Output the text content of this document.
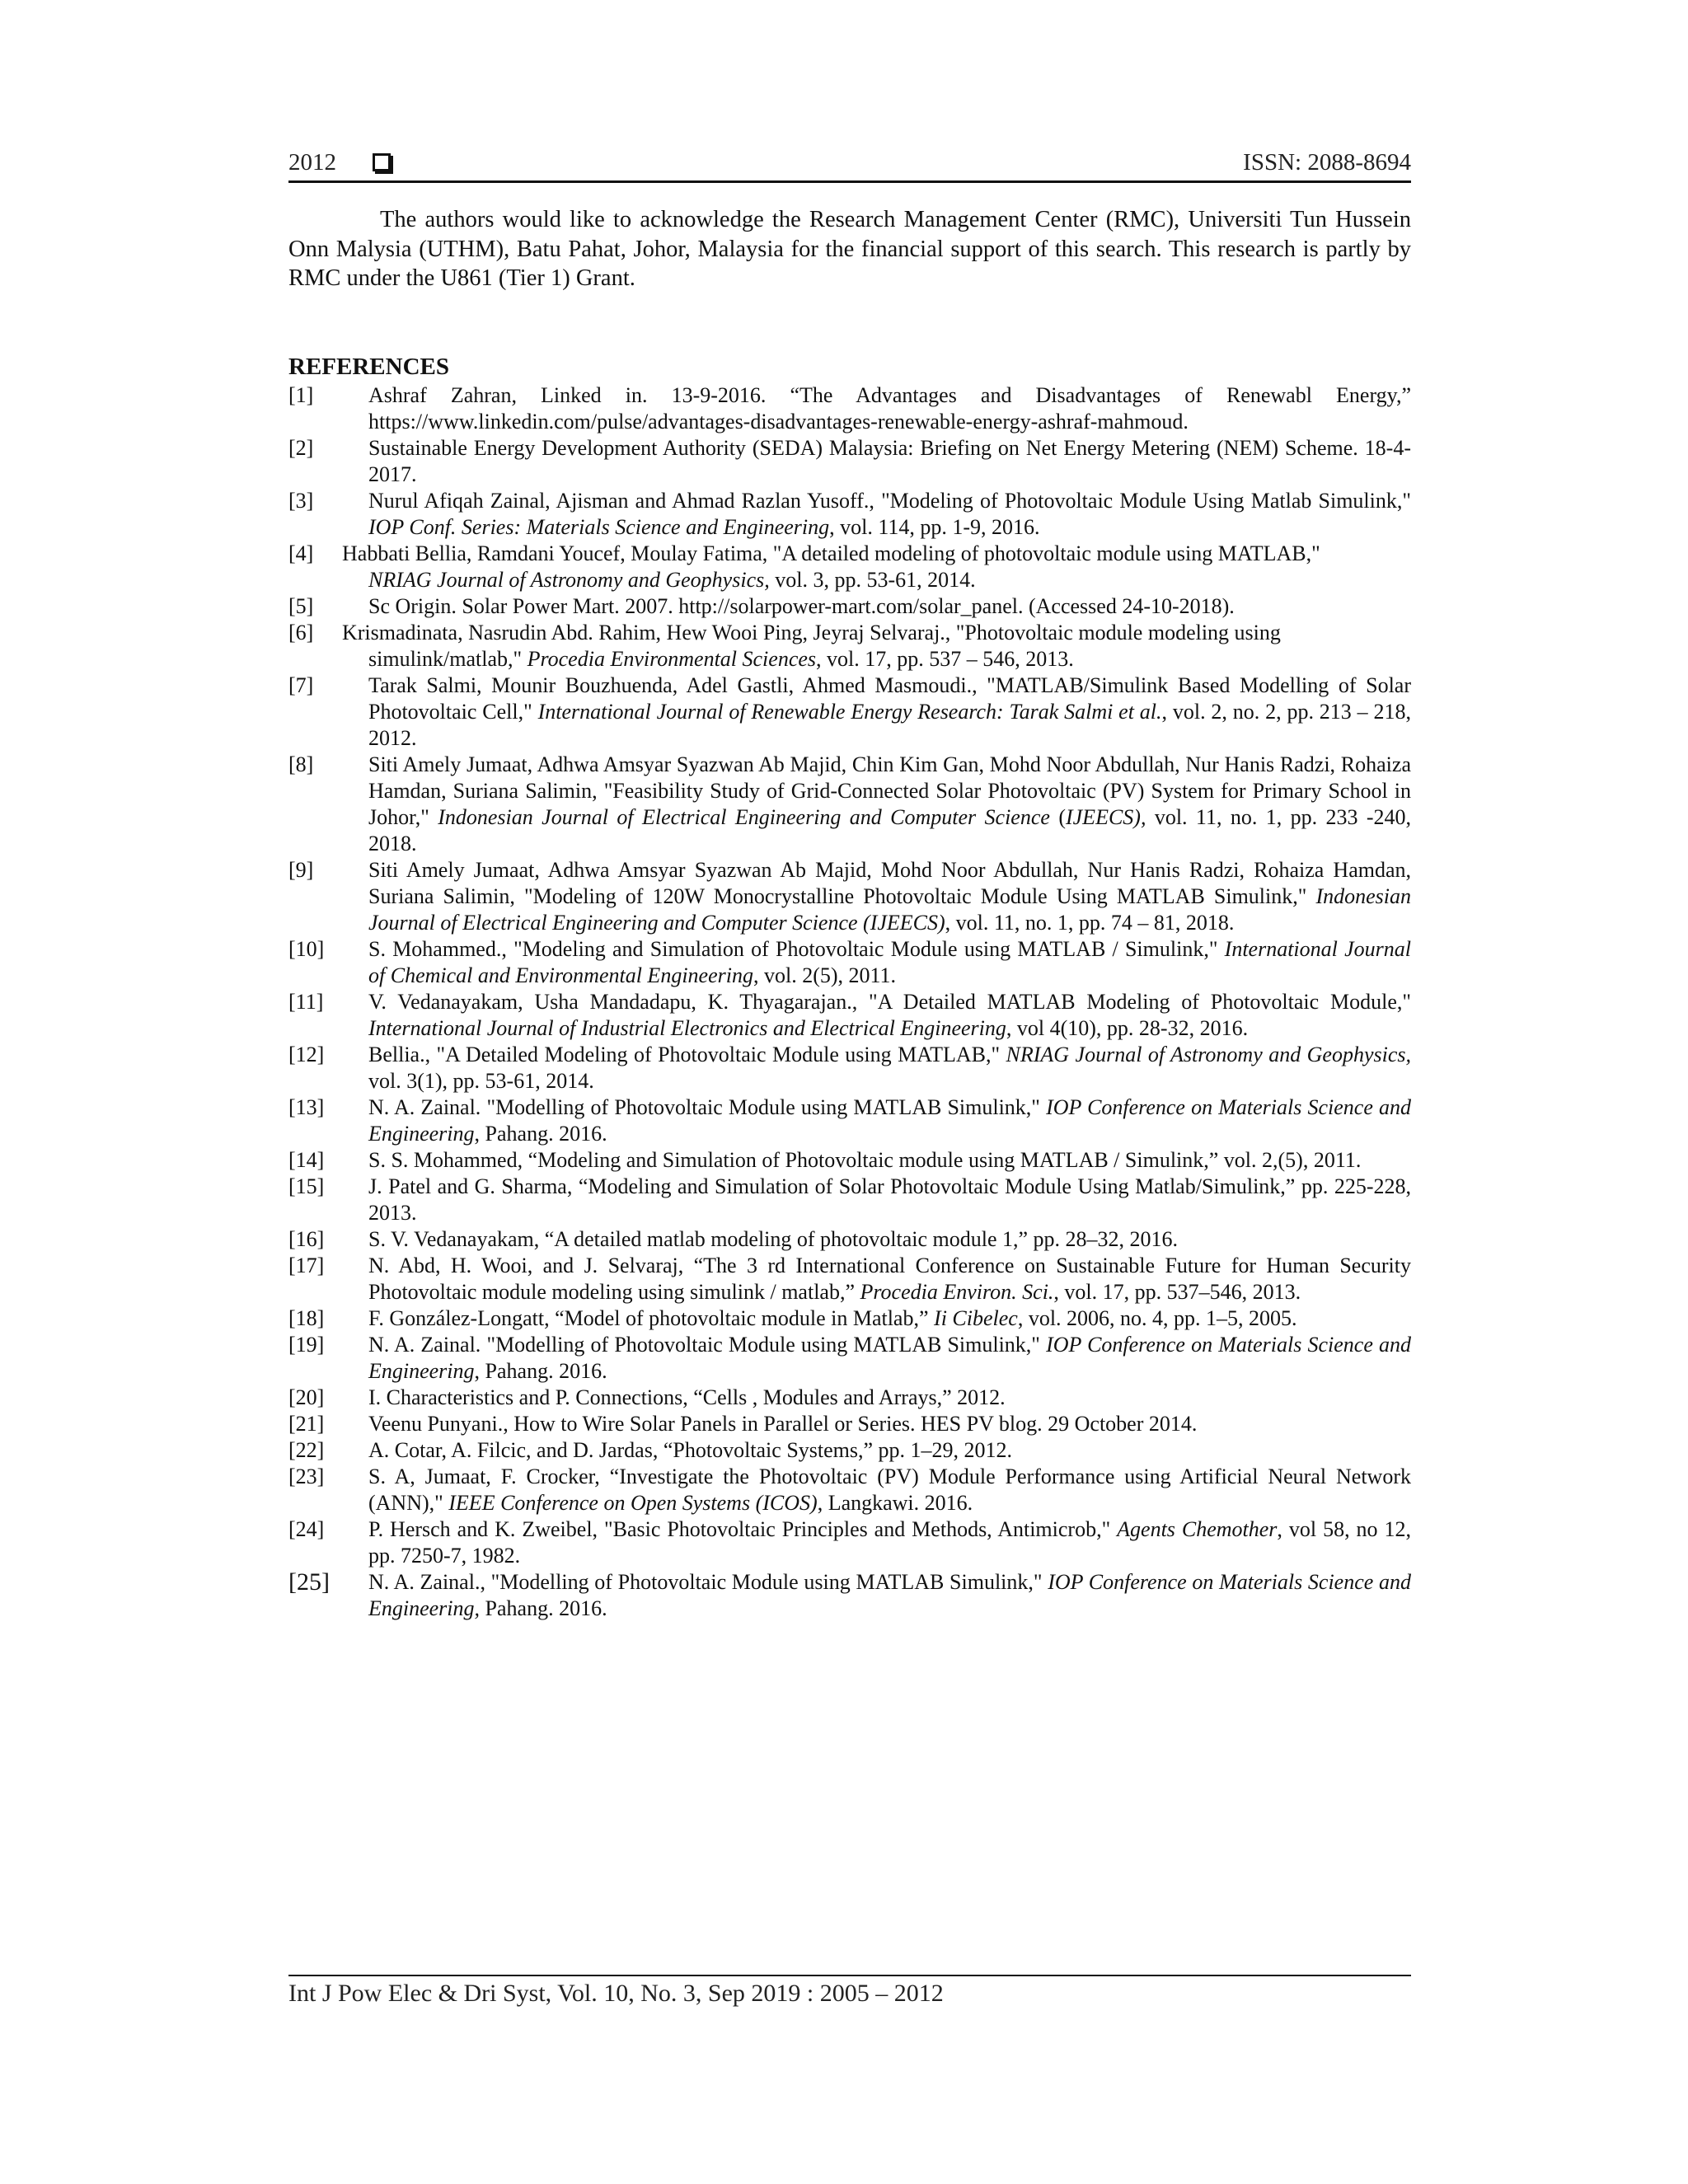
2012	ISSN: 2088-8694

The authors would like to acknowledge the Research Management Center (RMC), Universiti Tun Hussein Onn Malysia (UTHM), Batu Pahat, Johor, Malaysia for the financial support of this search. This research is partly by RMC under the U861 (Tier 1) Grant.

REFERENCES
[1]	Ashraf Zahran, Linked in. 13-9-2016. “The Advantages and Disadvantages of Renewabl Energy,” https://www.linkedin.com/pulse/advantages-disadvantages-renewable-energy-ashraf-mahmoud.
[2]	Sustainable Energy Development Authority (SEDA) Malaysia: Briefing on Net Energy Metering (NEM) Scheme. 18-4-2017.
[3]	Nurul Afiqah Zainal, Ajisman and Ahmad Razlan Yusoff., "Modeling of Photovoltaic Module Using Matlab Simulink," IOP Conf. Series: Materials Science and Engineering, vol. 114, pp. 1-9, 2016.
[4] Habbati Bellia, Ramdani Youcef, Moulay Fatima, "A detailed modeling of photovoltaic module using MATLAB,"
NRIAG Journal of Astronomy and Geophysics, vol. 3, pp. 53-61, 2014.
[5]	Sc Origin. Solar Power Mart. 2007. http://solarpower-mart.com/solar_panel. (Accessed 24-10-2018).
[6] Krismadinata, Nasrudin Abd. Rahim, Hew Wooi Ping, Jeyraj Selvaraj., "Photovoltaic module modeling using
simulink/matlab," Procedia Environmental Sciences, vol. 17, pp. 537 – 546, 2013.
[7]	Tarak Salmi, Mounir Bouzhuenda, Adel Gastli, Ahmed Masmoudi., "MATLAB/Simulink Based Modelling of Solar Photovoltaic Cell," International Journal of Renewable Energy Research: Tarak Salmi et al., vol. 2, no. 2, pp. 213 – 218, 2012.
[8]	Siti Amely Jumaat, Adhwa Amsyar Syazwan Ab Majid, Chin Kim Gan, Mohd Noor Abdullah, Nur Hanis Radzi, Rohaiza Hamdan, Suriana Salimin, "Feasibility Study of Grid-Connected Solar Photovoltaic (PV) System for Primary School in Johor," Indonesian Journal of Electrical Engineering and Computer Science (IJEECS), vol. 11, no. 1, pp. 233 -240, 2018.
[9]	Siti Amely Jumaat, Adhwa Amsyar Syazwan Ab Majid, Mohd Noor Abdullah, Nur Hanis Radzi, Rohaiza Hamdan, Suriana Salimin, "Modeling of 120W Monocrystalline Photovoltaic Module Using MATLAB Simulink," Indonesian Journal of Electrical Engineering and Computer Science (IJEECS), vol. 11, no. 1, pp. 74 – 81, 2018.
[10] S. Mohammed., "Modeling and Simulation of Photovoltaic Module using MATLAB / Simulink," International Journal of Chemical and Environmental Engineering, vol. 2(5), 2011.
[11] V. Vedanayakam, Usha Mandadapu, K. Thyagarajan., "A Detailed MATLAB Modeling of Photovoltaic Module," International Journal of Industrial Electronics and Electrical Engineering, vol 4(10), pp. 28-32, 2016.
[12] Bellia., "A Detailed Modeling of Photovoltaic Module using MATLAB," NRIAG Journal of Astronomy and Geophysics, vol. 3(1), pp. 53-61, 2014.
[13] N. A. Zainal. "Modelling of Photovoltaic Module using MATLAB Simulink," IOP Conference on Materials Science and Engineering, Pahang. 2016.
[14] S. S. Mohammed, “Modeling and Simulation of Photovoltaic module using MATLAB / Simulink,” vol. 2,(5), 2011.
[15] J. Patel and G. Sharma, “Modeling and Simulation of Solar Photovoltaic Module Using Matlab/Simulink,” pp. 225-228, 2013.
[16] S. V. Vedanayakam, “A detailed matlab modeling of photovoltaic module 1,” pp. 28–32, 2016.
[17] N. Abd, H. Wooi, and J. Selvaraj, “The 3 rd International Conference on Sustainable Future for Human Security Photovoltaic module modeling using simulink / matlab,” Procedia Environ. Sci., vol. 17, pp. 537–546, 2013.
[18] F. González-Longatt, “Model of photovoltaic module in Matlab,” Ii Cibelec, vol. 2006, no. 4, pp. 1–5, 2005.
[19] N. A. Zainal. "Modelling of Photovoltaic Module using MATLAB Simulink," IOP Conference on Materials Science and Engineering, Pahang. 2016.
[20] I. Characteristics and P. Connections, “Cells , Modules and Arrays,” 2012.
[21] Veenu Punyani., How to Wire Solar Panels in Parallel or Series. HES PV blog. 29 October 2014.
[22] A. Cotar, A. Filcic, and D. Jardas, “Photovoltaic Systems,” pp. 1–29, 2012.
[23] S. A, Jumaat, F. Crocker, “Investigate the Photovoltaic (PV) Module Performance using Artificial Neural Network (ANN)," IEEE Conference on Open Systems (ICOS), Langkawi. 2016.
[24] P. Hersch and K. Zweibel, "Basic Photovoltaic Principles and Methods, Antimicrob," Agents Chemother, vol 58, no 12, pp. 7250-7, 1982.
[25] N. A. Zainal., "Modelling of Photovoltaic Module using MATLAB Simulink," IOP Conference on Materials Science and Engineering, Pahang. 2016.

Int J Pow Elec & Dri Syst, Vol. 10, No. 3, Sep 2019 : 2005 – 2012
